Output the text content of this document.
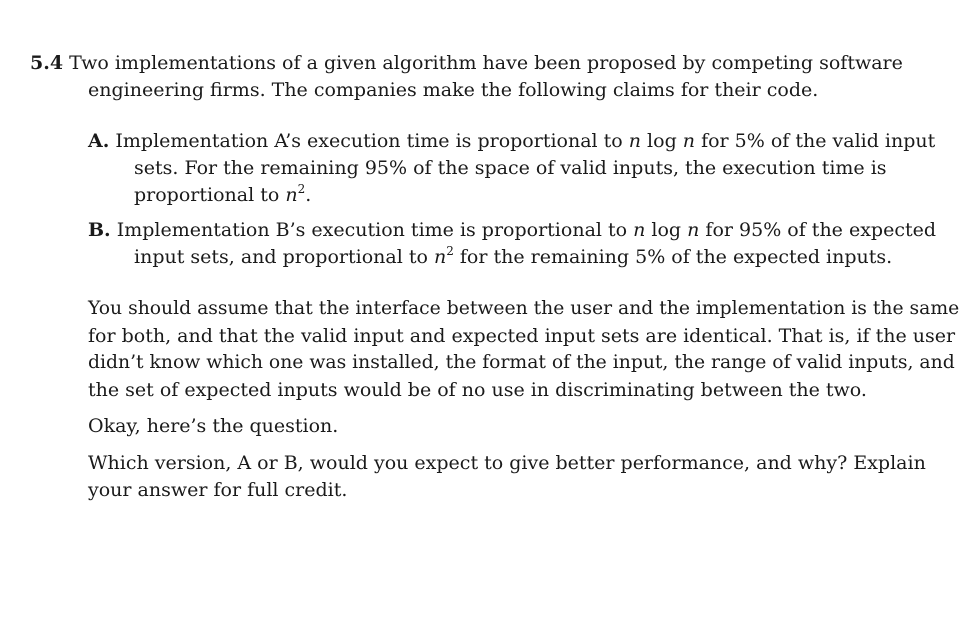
5.4 Two implementations of a given algorithm have been proposed by competing software
engineering firms. The companies make the following claims for their code.
A. Implementation A’s execution time is proportional to n log n for 5% of the valid input
sets. For the remaining 95% of the space of valid inputs, the execution time is
proportional to $n^2$.
B. Implementation B’s execution time is proportional to n log n for 95% of the expected
input sets, and proportional to $n^2$ for the remaining 5% of the expected inputs.
You should assume that the interface between the user and the implementation is the same
for both, and that the valid input and expected input sets are identical. That is, if the user
didn’t know which one was installed, the format of the input, the range of valid inputs, and
the set of expected inputs would be of no use in discriminating between the two.
Okay, here’s the question.
Which version, A or B, would you expect to give better performance, and why? Explain
your answer for full credit.
